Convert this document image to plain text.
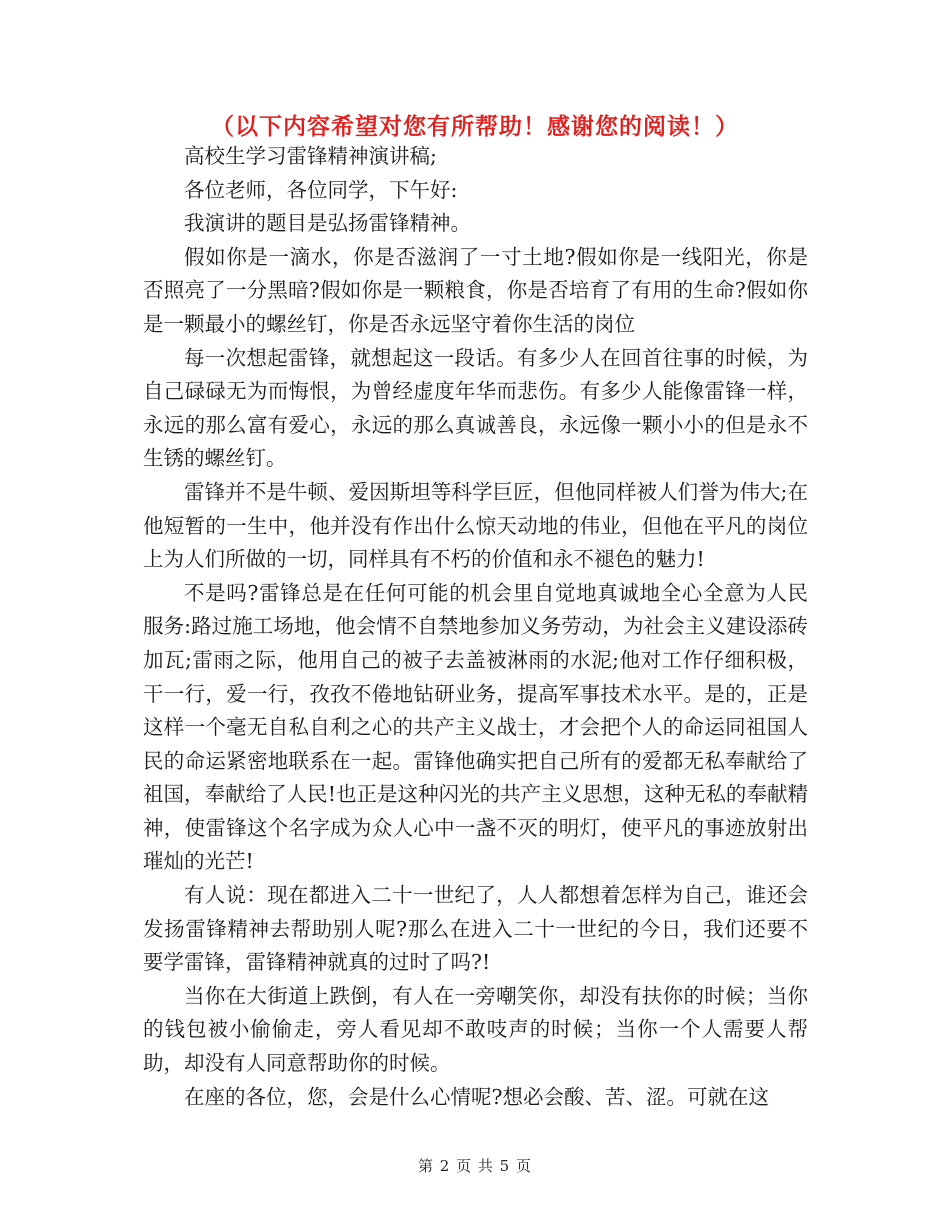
（以下内容希望对您有所帮助！感谢您的阅读！）

高校生学习雷锋精神演讲稿;

各位老师，各位同学，下午好:

我演讲的题目是弘扬雷锋精神。

假如你是一滴水，你是否滋润了一寸土地?假如你是一线阳光，你是否照亮了一分黑暗?假如你是一颗粮食，你是否培育了有用的生命?假如你是一颗最小的螺丝钉，你是否永远坚守着你生活的岗位

每一次想起雷锋，就想起这一段话。有多少人在回首往事的时候，为自己碌碌无为而悔恨，为曾经虚度年华而悲伤。有多少人能像雷锋一样，永远的那么富有爱心，永远的那么真诚善良，永远像一颗小小的但是永不生锈的螺丝钉。

雷锋并不是牛顿、爱因斯坦等科学巨匠，但他同样被人们誉为伟大;在他短暂的一生中，他并没有作出什么惊天动地的伟业，但他在平凡的岗位上为人们所做的一切，同样具有不朽的价值和永不褪色的魅力!

不是吗?雷锋总是在任何可能的机会里自觉地真诚地全心全意为人民服务:路过施工场地，他会情不自禁地参加义务劳动，为社会主义建设添砖加瓦;雷雨之际，他用自己的被子去盖被淋雨的水泥;他对工作仔细积极，干一行，爱一行，孜孜不倦地钻研业务，提高军事技术水平。是的，正是这样一个毫无自私自利之心的共产主义战士，才会把个人的命运同祖国人民的命运紧密地联系在一起。雷锋他确实把自己所有的爱都无私奉献给了祖国，奉献给了人民!也正是这种闪光的共产主义思想，这种无私的奉献精神，使雷锋这个名字成为众人心中一盏不灭的明灯，使平凡的事迹放射出璀灿的光芒!

有人说：现在都进入二十一世纪了，人人都想着怎样为自己，谁还会发扬雷锋精神去帮助别人呢?那么在进入二十一世纪的今日，我们还要不要学雷锋，雷锋精神就真的过时了吗?!

当你在大街道上跌倒，有人在一旁嘲笑你，却没有扶你的时候；当你的钱包被小偷偷走，旁人看见却不敢吱声的时候；当你一个人需要人帮助，却没有人同意帮助你的时候。

在座的各位，您，会是什么心情呢?想必会酸、苦、涩。可就在这

第 2 页 共 5 页
